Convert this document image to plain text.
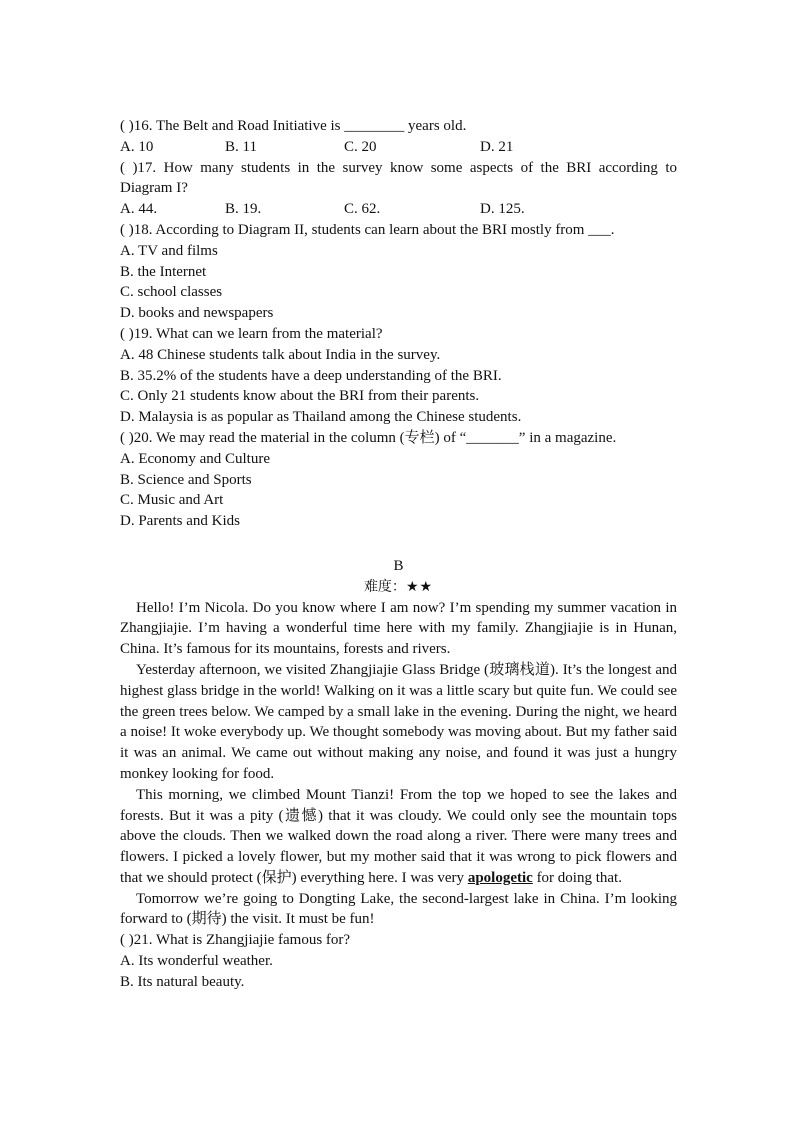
( )16. The Belt and Road Initiative is ________ years old.
A. 10	B. 11	C. 20	D. 21
( )17. How many students in the survey know some aspects of the BRI according to Diagram I?
A. 44.	B. 19.	C. 62.	D. 125.
( )18. According to Diagram II, students can learn about the BRI mostly from ___.
A. TV and films
B. the Internet
C. school classes
D. books and newspapers
( )19. What can we learn from the material?
A. 48 Chinese students talk about India in the survey.
B. 35.2% of the students have a deep understanding of the BRI.
C. Only 21 students know about the BRI from their parents.
D. Malaysia is as popular as Thailand among the Chinese students.
( )20. We may read the material in the column (专栏) of “_______” in a magazine.
A. Economy and Culture
B. Science and Sports
C. Music and Art
D. Parents and Kids
B
难度：★★
Hello! I’m Nicola. Do you know where I am now? I’m spending my summer vacation in Zhangjiajie. I’m having a wonderful time here with my family. Zhangjiajie is in Hunan, China. It’s famous for its mountains, forests and rivers.
Yesterday afternoon, we visited Zhangjiajie Glass Bridge (玻璃栈道). It’s the longest and highest glass bridge in the world! Walking on it was a little scary but quite fun. We could see the green trees below. We camped by a small lake in the evening. During the night, we heard a noise! It woke everybody up. We thought somebody was moving about. But my father said it was an animal. We came out without making any noise, and found it was just a hungry monkey looking for food.
This morning, we climbed Mount Tianzi! From the top we hoped to see the lakes and forests. But it was a pity (遗憾) that it was cloudy. We could only see the mountain tops above the clouds. Then we walked down the road along a river. There were many trees and flowers. I picked a lovely flower, but my mother said that it was wrong to pick flowers and that we should protect (保护) everything here. I was very apologetic for doing that.
Tomorrow we’re going to Dongting Lake, the second-largest lake in China. I’m looking forward to (期待) the visit. It must be fun!
( )21. What is Zhangjiajie famous for?
A. Its wonderful weather.
B. Its natural beauty.
